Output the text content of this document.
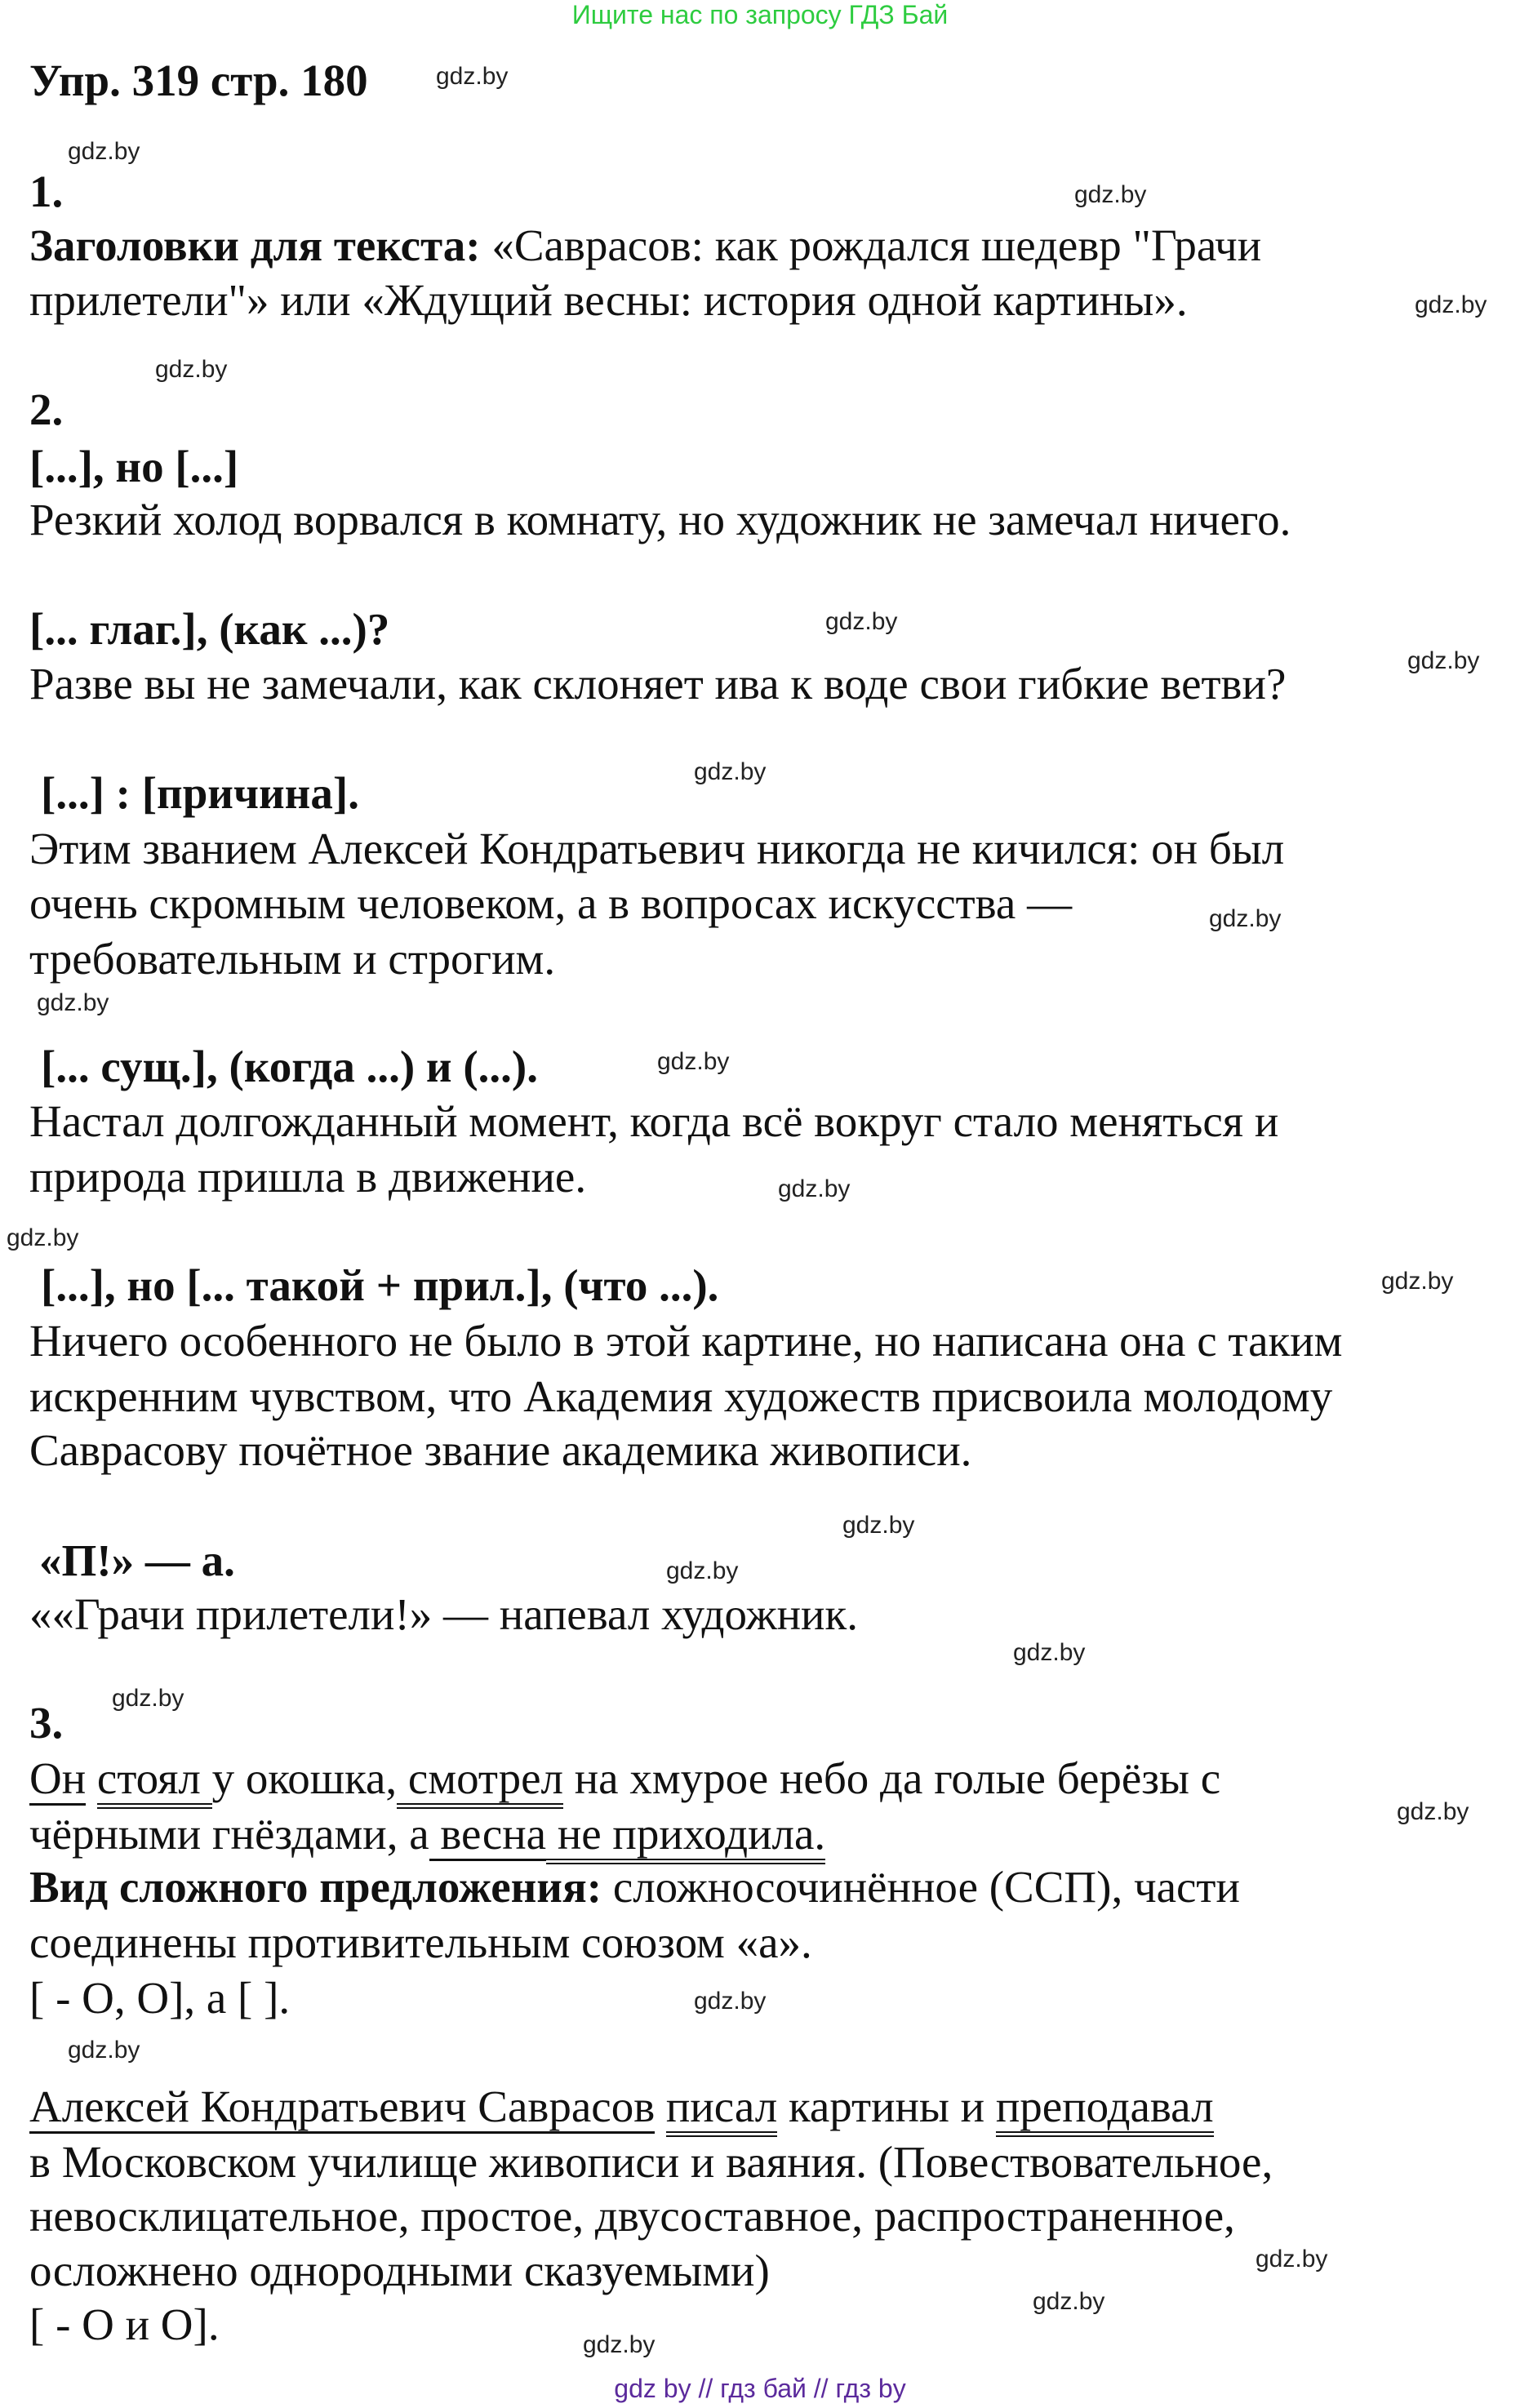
Ищите нас по запросу ГДЗ Бай
Упр. 319 стр. 180
1.
Заголовки для текста: «Саврасов: как рождался шедевр "Грачи
прилетели"» или «Ждущий весны: история одной картины».
2.
[...], но [...]
Резкий холод ворвался в комнату, но художник не замечал ничего.
[... глаг.], (как ...)?
Разве вы не замечали, как склоняет ива к воде свои гибкие ветви?
[...] : [причина].
Этим званием Алексей Кондратьевич никогда не кичился: он был
очень скромным человеком, а в вопросах искусства —
требовательным и строгим.
[... сущ.], (когда ...) и (...).
Настал долгожданный момент, когда всё вокруг стало меняться и
природа пришла в движение.
[...], но [... такой + прил.], (что ...).
Ничего особенного не было в этой картине, но написана она с таким
искренним чувством, что Академия художеств присвоила молодому
Саврасову почётное звание академика живописи.
«П!» — а.
««Грачи прилетели!» — напевал художник.
3.
Он стоял у окошка, смотрел на хмурое небо да голые берёзы с
чёрными гнёздами, а весна не приходила.
Вид сложного предложения: сложносочинённое (ССП), части
соединены противительным союзом «а».
[ - О, О], а [ ].
Алексей Кондратьевич Саврасов писал картины и преподавал
в Московском училище живописи и ваяния. (Повествовательное,
невосклицательное, простое, двусоставное, распространенное,
осложнено однородными сказуемыми)
[ - О и О].
gdz.by
gdz.by
gdz.by
gdz.by
gdz.by
gdz.by
gdz.by
gdz.by
gdz.by
gdz.by
gdz.by
gdz.by
gdz.by
gdz.by
gdz.by
gdz.by
gdz.by
gdz.by
gdz.by
gdz.by
gdz.by
gdz.by
gdz.by
gdz.by
gdz by // гдз бай // гдз by
